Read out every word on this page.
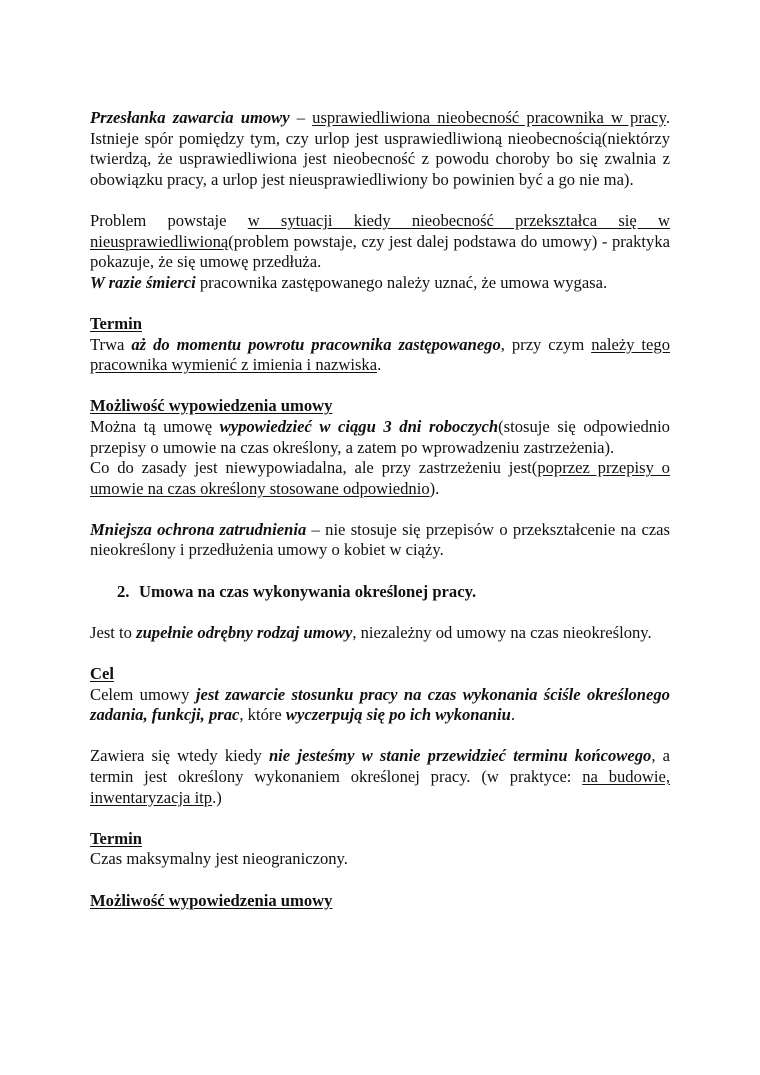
Przesłanka zawarcia umowy – usprawiedliwiona nieobecność pracownika w pracy. Istnieje spór pomiędzy tym, czy urlop jest usprawiedliwioną nieobecnością(niektórzy twierdzą, że usprawiedliwiona jest nieobecność z powodu choroby bo się zwalnia z obowiązku pracy, a urlop jest nieusprawiedliwiony bo powinien być a go nie ma).

Problem powstaje w sytuacji kiedy nieobecność przekształca się w nieusprawiedliwioną(problem powstaje, czy jest dalej podstawa do umowy) - praktyka pokazuje, że się umowę przedłuża.
W razie śmierci pracownika zastępowanego należy uznać, że umowa wygasa.

Termin

Trwa aż do momentu powrotu pracownika zastępowanego, przy czym należy tego pracownika wymienić z imienia i nazwiska.

Możliwość wypowiedzenia umowy

Można tą umowę wypowiedzieć w ciągu 3 dni roboczych(stosuje się odpowiednio przepisy o umowie na czas określony, a zatem po wprowadzeniu zastrzeżenia).

Co do zasady jest niewypowiadalna, ale przy zastrzeżeniu jest(poprzez przepisy o umowie na czas określony stosowane odpowiednio).

Mniejsza ochrona zatrudnienia – nie stosuje się przepisów o przekształcenie na czas nieokreślony i przedłużenia umowy o kobiet w ciąży.

2. Umowa na czas wykonywania określonej pracy.

Jest to zupełnie odrębny rodzaj umowy, niezależny od umowy na czas nieokreślony.

Cel

Celem umowy jest zawarcie stosunku pracy na czas wykonania ściśle określonego zadania, funkcji, prac, które wyczerpują się po ich wykonaniu.

Zawiera się wtedy kiedy nie jesteśmy w stanie przewidzieć terminu końcowego, a termin jest określony wykonaniem określonej pracy. (w praktyce: na budowie, inwentaryzacja itp.)

Termin

Czas maksymalny jest nieograniczony.

Możliwość wypowiedzenia umowy
